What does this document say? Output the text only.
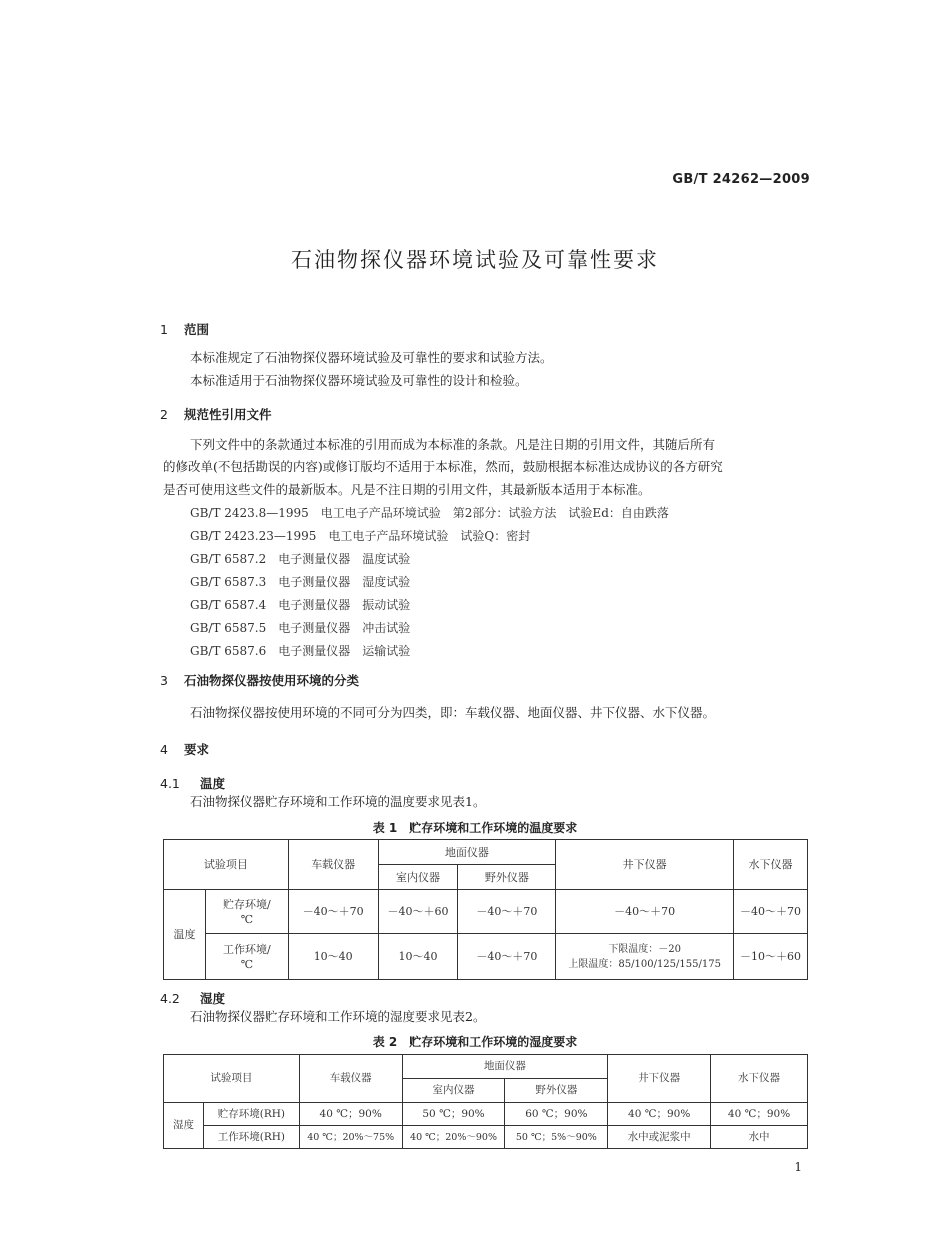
GB/T 24262—2009
石油物探仪器环境试验及可靠性要求
1 范围
本标准规定了石油物探仪器环境试验及可靠性的要求和试验方法。
本标准适用于石油物探仪器环境试验及可靠性的设计和检验。
2 规范性引用文件
下列文件中的条款通过本标准的引用而成为本标准的条款。凡是注日期的引用文件，其随后所有
的修改单(不包括勘误的内容)或修订版均不适用于本标准，然而，鼓励根据本标准达成协议的各方研究
是否可使用这些文件的最新版本。凡是不注日期的引用文件，其最新版本适用于本标准。
GB/T 2423.8—1995　电工电子产品环境试验　第2部分：试验方法　试验Ed：自由跌落
GB/T 2423.23—1995　电工电子产品环境试验　试验Q：密封
GB/T 6587.2　电子测量仪器　温度试验
GB/T 6587.3　电子测量仪器　湿度试验
GB/T 6587.4　电子测量仪器　振动试验
GB/T 6587.5　电子测量仪器　冲击试验
GB/T 6587.6　电子测量仪器　运输试验
3 石油物探仪器按使用环境的分类
石油物探仪器按使用环境的不同可分为四类，即：车载仪器、地面仪器、井下仪器、水下仪器。
4 要求
4.1 温度
石油物探仪器贮存环境和工作环境的温度要求见表1。
表 1　贮存环境和工作环境的温度要求
试验项目		车载仪器	地面仪器		井下仪器	水下仪器
			室内仪器	野外仪器		
温度	贮存环境/
℃	－40～＋70	－40～＋60	－40～＋70	－40～＋70	－40～＋70
	工作环境/
℃	10～40	10～40	－40～＋70	下限温度：－20
上限温度：85/100/125/155/175	－10～＋60
4.2 湿度
石油物探仪器贮存环境和工作环境的湿度要求见表2。
表 2　贮存环境和工作环境的湿度要求
试验项目		车载仪器	地面仪器		井下仪器	水下仪器
			室内仪器	野外仪器		
湿度	贮存环境(RH)	40 ℃；90%	50 ℃；90%	60 ℃；90%	40 ℃；90%	40 ℃；90%
	工作环境(RH)	40 ℃；20%～75%	40 ℃；20%～90%	50 ℃；5%～90%	水中或泥浆中	水中
1
